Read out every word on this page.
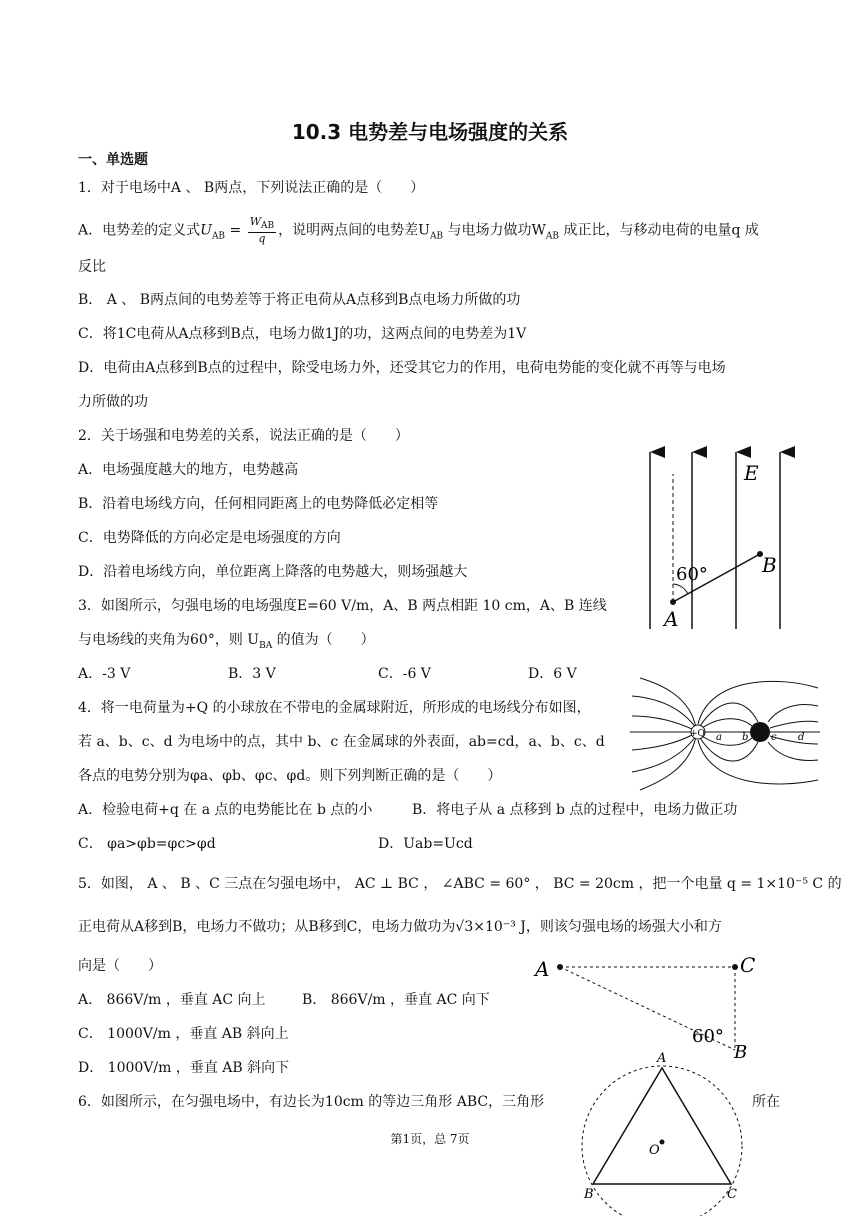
10.3 电势差与电场强度的关系
一、单选题
1．对于电场中A 、 B两点，下列说法正确的是（　　）
A．电势差的定义式$U_{AB} = \frac{W_{AB}}{q}$ ，说明两点间的电势差$U_{AB}$ 与电场力做功$W_{AB}$ 成正比，与移动电荷的电量q 成
反比
B． A 、 B两点间的电势差等于将正电荷从A点移到B点电场力所做的功
C．将1C电荷从A点移到B点，电场力做1J的功，这两点间的电势差为1V
D．电荷由A点移到B点的过程中，除受电场力外，还受其它力的作用，电荷电势能的变化就不再等与电场
力所做的功
2．关于场强和电势差的关系，说法正确的是（　　）
A．电场强度越大的地方，电势越高
B．沿着电场线方向，任何相同距离上的电势降低必定相等
C．电势降低的方向必定是电场强度的方向
D．沿着电场线方向，单位距离上降落的电势越大，则场强越大
3．如图所示，匀强电场的电场强度E=60 V/m，A、B 两点相距 10 cm，A、B 连线
与电场线的夹角为60°，则 $U_{BA}$ 的值为（　　）
A．-3 V	B．3 V	C．-6 V	D．6 V
E
60°	B
A
4．将一电荷量为+Q 的小球放在不带电的金属球附近，所形成的电场线分布如图，
若 a、b、c、d 为电场中的点，其中 b、c 在金属球的外表面，ab=cd，a、b、c、d
各点的电势分别为φa、φb、φc、φd。则下列判断正确的是（　　）
A．检验电荷+q 在 a 点的电势能比在 b 点的小	B．将电子从 a 点移到 b 点的过程中，电场力做正功
C． φa>φb=φc>φd	D．Uab=Ucd
+Q a b c d
5．如图， A 、 B 、C 三点在匀强电场中， AC ⊥ BC ， ∠ABC = 60° ， BC = 20cm ，把一个电量 q = 1×10⁻⁵ C 的
正电荷从A移到B，电场力不做功；从B移到C，电场力做功为√3×10⁻³ J，则该匀强电场的场强大小和方
向是（　　）
A． 866V/m ，垂直 AC 向上	B． 866V/m ，垂直 AC 向下
C． 1000V/m ，垂直 AB 斜向上
D． 1000V/m ，垂直 AB 斜向下
A	C
60°
B
6．如图所示，在匀强电场中，有边长为10cm 的等边三角形 ABC，三角形	所在
A
B	C
O
第1页，总 7页
